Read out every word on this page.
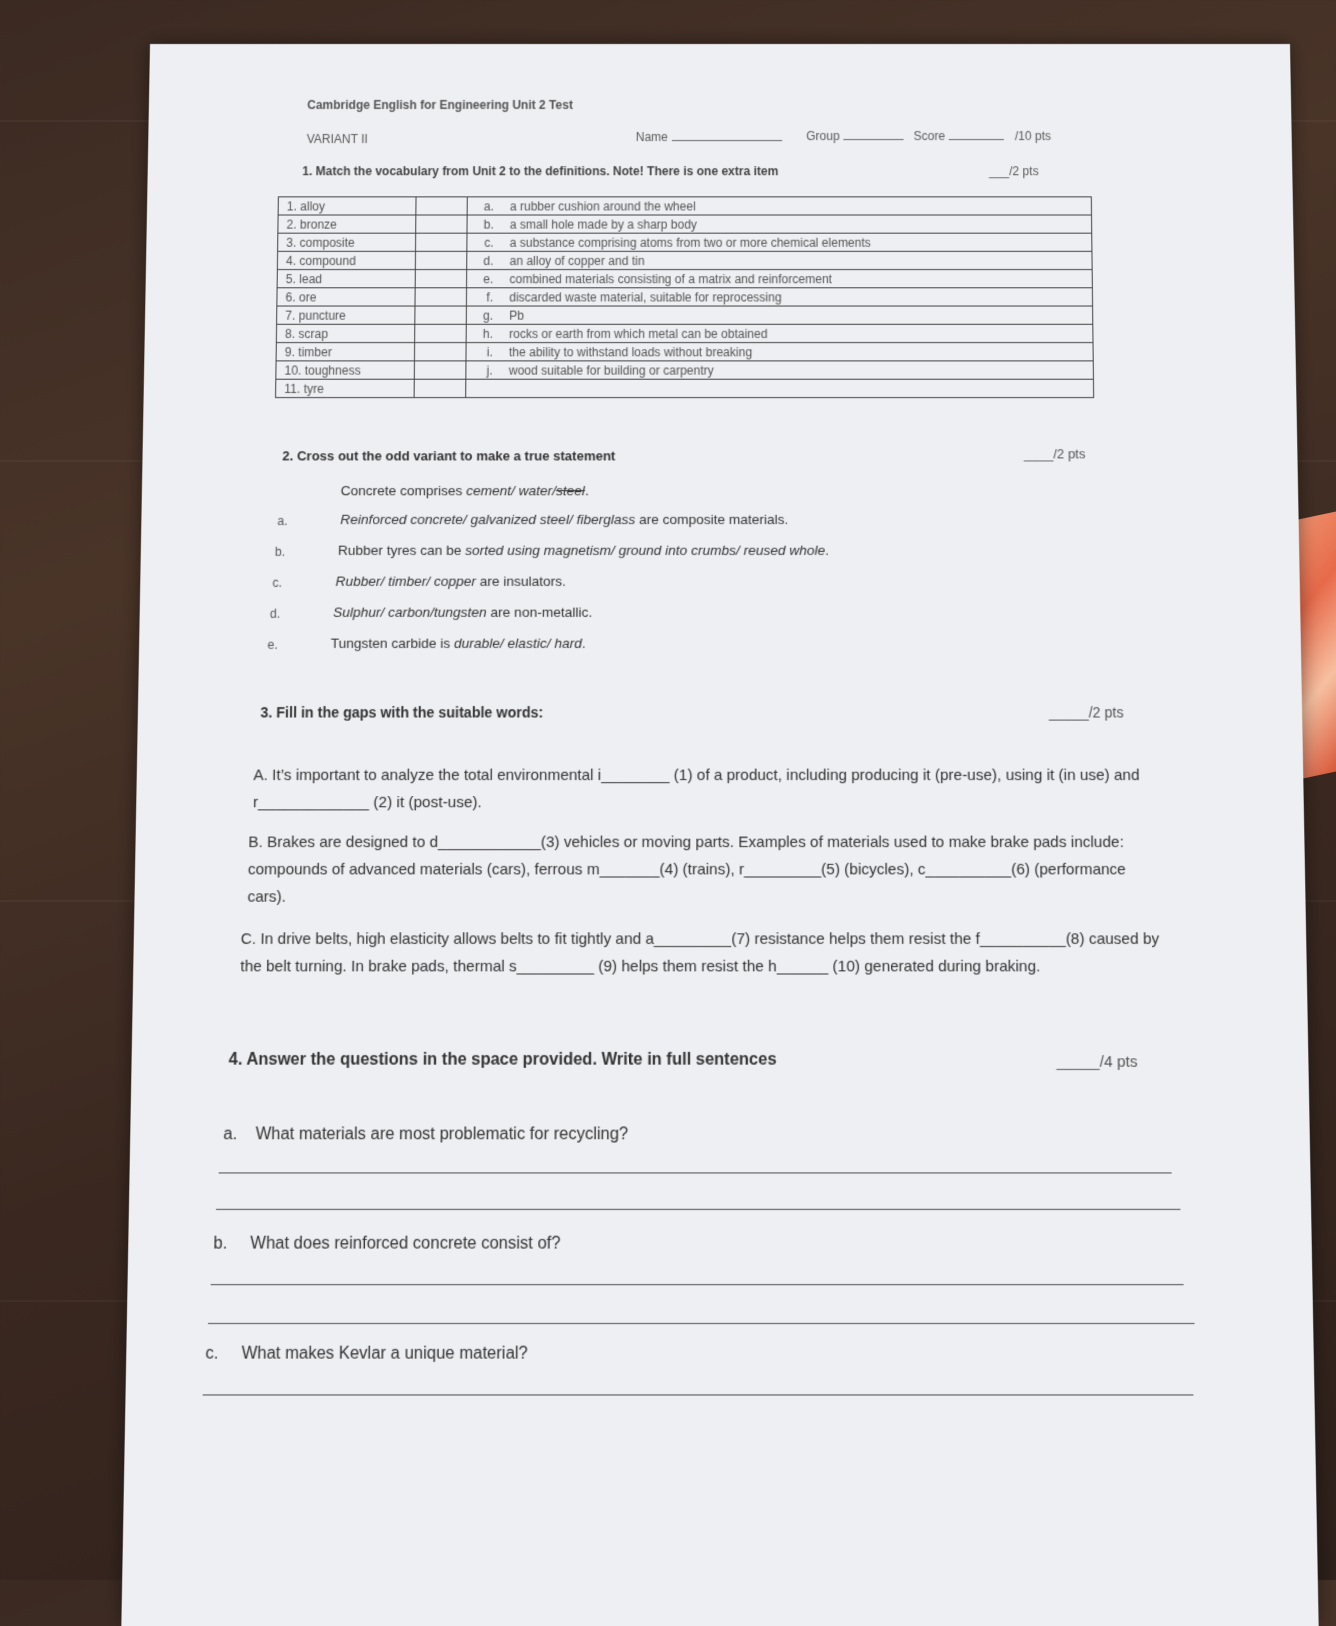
Cambridge English for Engineering Unit 2 Test
VARIANT II	Name	Group	Score	/10 pts
1. Match the vocabulary from Unit 2 to the definitions. Note! There is one extra item	___/2 pts
1. alloy		a.	a rubber cushion around the wheel
2. bronze		b.	a small hole made by a sharp body
3. composite		c.	a substance comprising atoms from two or more chemical elements
4. compound		d.	an alloy of copper and tin
5. lead		e.	combined materials consisting of a matrix and reinforcement
6. ore		f.	discarded waste material, suitable for reprocessing
7. puncture		g.	Pb
8. scrap		h.	rocks or earth from which metal can be obtained
9. timber		i.	the ability to withstand loads without breaking
10. toughness		j.	wood suitable for building or carpentry
11. tyre			
2. Cross out the odd variant to make a true statement	____/2 pts
Concrete comprises cement/ water/steel.
a.	Reinforced concrete/ galvanized steel/ fiberglass are composite materials.
b.	Rubber tyres can be sorted using magnetism/ ground into crumbs/ reused whole.
c.	Rubber/ timber/ copper are insulators.
d.	Sulphur/ carbon/tungsten are non-metallic.
e.	Tungsten carbide is durable/ elastic/ hard.
3. Fill in the gaps with the suitable words:	_____/2 pts
A. It’s important to analyze the total environmental i________ (1) of a product, including producing it (pre-use), using it (in use) and r_____________ (2) it (post-use).
B. Brakes are designed to d____________(3) vehicles or moving parts. Examples of materials used to make brake pads include: compounds of advanced materials (cars), ferrous m_______(4) (trains), r_________(5) (bicycles), c__________(6) (performance cars).
C. In drive belts, high elasticity allows belts to fit tightly and a_________(7) resistance helps them resist the f__________(8) caused by the belt turning. In brake pads, thermal s_________ (9) helps them resist the h______ (10) generated during braking.
4. Answer the questions in the space provided. Write in full sentences	_____/4 pts
a. What materials are most problematic for recycling?
b. What does reinforced concrete consist of?
c. What makes Kevlar a unique material?
